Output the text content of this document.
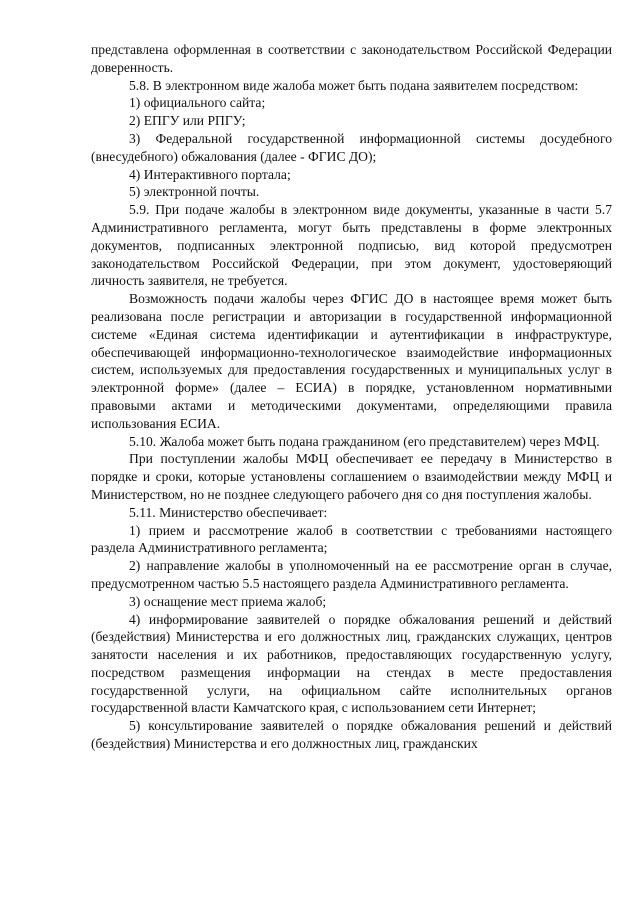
представлена оформленная в соответствии с законодательством Российской Федерации доверенность.

5.8. В электронном виде жалоба может быть подана заявителем посредством:

1) официального сайта;

2) ЕПГУ или РПГУ;

3) Федеральной государственной информационной системы досудебного (внесудебного) обжалования (далее - ФГИС ДО);

4) Интерактивного портала;

5) электронной почты.

5.9. При подаче жалобы в электронном виде документы, указанные в части 5.7 Административного регламента, могут быть представлены в форме электронных документов, подписанных электронной подписью, вид которой предусмотрен законодательством Российской Федерации, при этом документ, удостоверяющий личность заявителя, не требуется.

Возможность подачи жалобы через ФГИС ДО в настоящее время может быть реализована после регистрации и авторизации в государственной информационной системе «Единая система идентификации и аутентификации в инфраструктуре, обеспечивающей информационно-технологическое взаимодействие информационных систем, используемых для предоставления государственных и муниципальных услуг в электронной форме» (далее – ЕСИА) в порядке, установленном нормативными правовыми актами и методическими документами, определяющими правила использования ЕСИА.

5.10. Жалоба может быть подана гражданином (его представителем) через МФЦ.

При поступлении жалобы МФЦ обеспечивает ее передачу в Министерство в порядке и сроки, которые установлены соглашением о взаимодействии между МФЦ и Министерством, но не позднее следующего рабочего дня со дня поступления жалобы.

5.11. Министерство обеспечивает:

1) прием и рассмотрение жалоб в соответствии с требованиями настоящего раздела Административного регламента;

2) направление жалобы в уполномоченный на ее рассмотрение орган в случае, предусмотренном частью 5.5 настоящего раздела Административного регламента.

3) оснащение мест приема жалоб;

4) информирование заявителей о порядке обжалования решений и действий (бездействия) Министерства и его должностных лиц, гражданских служащих, центров занятости населения и их работников, предоставляющих государственную услугу, посредством размещения информации на стендах в месте предоставления государственной услуги, на официальном сайте исполнительных органов государственной власти Камчатского края, с использованием сети Интернет;

5) консультирование заявителей о порядке обжалования решений и действий (бездействия) Министерства и его должностных лиц, гражданских
